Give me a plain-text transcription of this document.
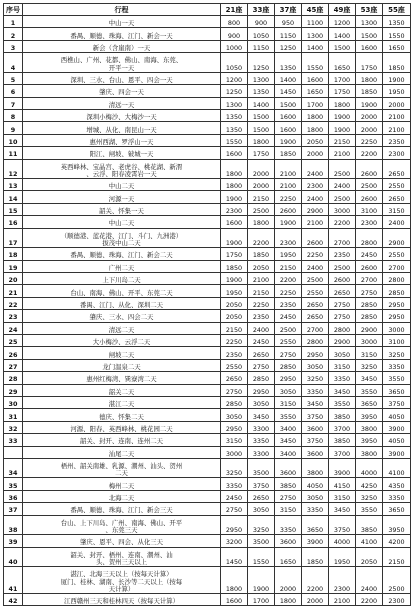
序号	行程	21座	33座	37座	45座	49座	53座	55座
1	中山一天	800	900	950	1100	1200	1300	1350
2	番禺、顺德、珠海、江门、新会一天	900	1050	1150	1300	1400	1500	1550
3	新会（含崖南）一天	1000	1150	1250	1400	1500	1600	1650
4	西樵山、广州、花都、佛山、南海、东莞、
开平一天	1050	1250	1350	1550	1650	1750	1850
5	深圳、三水、台山、恩平、四会一天	1200	1300	1400	1600	1700	1800	1900
6	肇庆、四会一天	1250	1350	1450	1650	1750	1850	1950
7	清远一天	1300	1400	1500	1700	1800	1900	2000
8	深圳小梅沙、大梅沙一天	1350	1500	1600	1800	1900	2000	2100
9	增城、从化、南昆山一天	1350	1500	1600	1800	1900	2000	2100
10	惠州西湖、罗浮山一天	1550	1800	1900	2050	2150	2250	2350
11	阳江、闸坡、铍城一天	1600	1750	1850	2000	2100	2200	2300
12	英西峰林、宝晶宫、老虎谷、桃花湖、新渭
、云浮、阳春凌霄岩一天	1800	2000	2100	2400	2500	2600	2650
13	中山二天	1800	2000	2100	2300	2400	2500	2550
14	河源一天	1900	2150	2250	2400	2500	2600	2650
15	韶关、怀集一天	2300	2500	2600	2900	3000	3100	3150
16	中山二天	1600	1800	1900	2100	2200	2300	2400
17	（顺德港、蓝花港、江门、斗门、九洲港）
拔茂中山二天	1900	2200	2300	2600	2700	2800	2900
18	番禺、顺德、珠海、江门、新会二天	1750	1850	1950	2250	2350	2450	2550
19	广州二天	1850	2050	2150	2400	2500	2600	2700
20	上下川岛二天	1900	2100	2200	2500	2600	2700	2800
21	台山、南海、佛山、开平、东莞二天	1950	2150	2250	2550	2650	2750	2850
22	番禺、江门、从化、深圳二天	2050	2250	2350	2650	2750	2850	2950
23	肇庆、三水、四会二天	2050	2350	2450	2650	2750	2850	2950
24	清远二天	2150	2400	2500	2700	2800	2900	3000
25	大小梅沙、云浮二天	2250	2450	2550	2800	2900	3000	3100
26	闸坡二天	2350	2650	2750	2950	3050	3150	3250
27	龙门温泉二天	2550	2750	2850	3050	3150	3250	3350
28	惠州红梅湾、巽寮湾二天	2650	2850	2950	3250	3350	3450	3550
29	韶关二天	2750	2950	3050	3350	3450	3550	3650
30	湛江二天	2850	3050	3150	3450	3550	3650	3750
31	德庆、怀集二天	3050	3450	3550	3750	3850	3950	4050
32	河源、阳春、英西峰林、桃花园二天	2950	3300	3400	3600	3700	3800	3900
33	韶关、封开、连南、连州二天	3150	3350	3450	3750	3850	3950	4050

	汕尾二天	3000	3300	3400	3600	3700	3800	3900
34	梧州、韶关南雄、乳源、潮州、汕头、贺州
二天	3250	3500	3600	3800	3900	4000	4100
35	梅州二天	3350	3750	3850	4050	4150	4250	4350
36	北海二天	2450	2650	2750	3050	3150	3250	3350
37	番禺、顺德、珠海、江门、新会三天	2750	3050	3150	3350	3450	3550	3650
38	台山、上下川岛、广州、南海、佛山、开平
、东莞三天	2950	3250	3350	3650	3750	3850	3950
39	肇庆、恩平、四会、从化三天	3200	3500	3600	3900	4000	4100	4200
40	韶关、封开、梧州、连南、潮州、汕
头、贺州三天以上	1450	1550	1650	1850	1950	2050	2150
41	湛江、北海三天以上（按每天计算）
厦门、桂林、湖南、长沙等二天以上（按每
天计算）	1800	1900	2000	2200	2300	2400	2500
42	江西赣州三天和桂林四天（按每天计算）	1600	1700	1800	2000	2100	2200	2300
